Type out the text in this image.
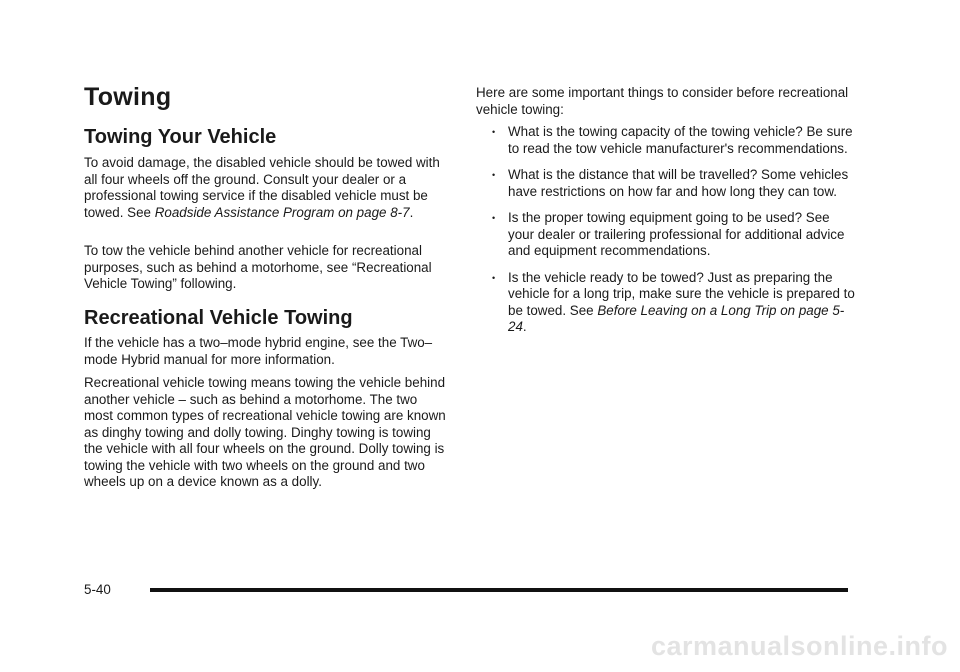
Towing
Towing Your Vehicle

To avoid damage, the disabled vehicle should be towed with all four wheels off the ground. Consult your dealer or a professional towing service if the disabled vehicle must be towed. See Roadside Assistance Program on page 8-7.

To tow the vehicle behind another vehicle for recreational purposes, such as behind a motorhome, see “Recreational Vehicle Towing” following.

Recreational Vehicle Towing

If the vehicle has a two–mode hybrid engine, see the Two–mode Hybrid manual for more information.

Recreational vehicle towing means towing the vehicle behind another vehicle – such as behind a motorhome. The two most common types of recreational vehicle towing are known as dinghy towing and dolly towing. Dinghy towing is towing the vehicle with all four wheels on the ground. Dolly towing is towing the vehicle with two wheels on the ground and two wheels up on a device known as a dolly.

Here are some important things to consider before recreational vehicle towing:

• What is the towing capacity of the towing vehicle? Be sure to read the tow vehicle manufacturer's recommendations.
• What is the distance that will be travelled? Some vehicles have restrictions on how far and how long they can tow.
• Is the proper towing equipment going to be used? See your dealer or trailering professional for additional advice and equipment recommendations.
• Is the vehicle ready to be towed? Just as preparing the vehicle for a long trip, make sure the vehicle is prepared to be towed. See Before Leaving on a Long Trip on page 5-24.
5-40
carmanualsonline.info
